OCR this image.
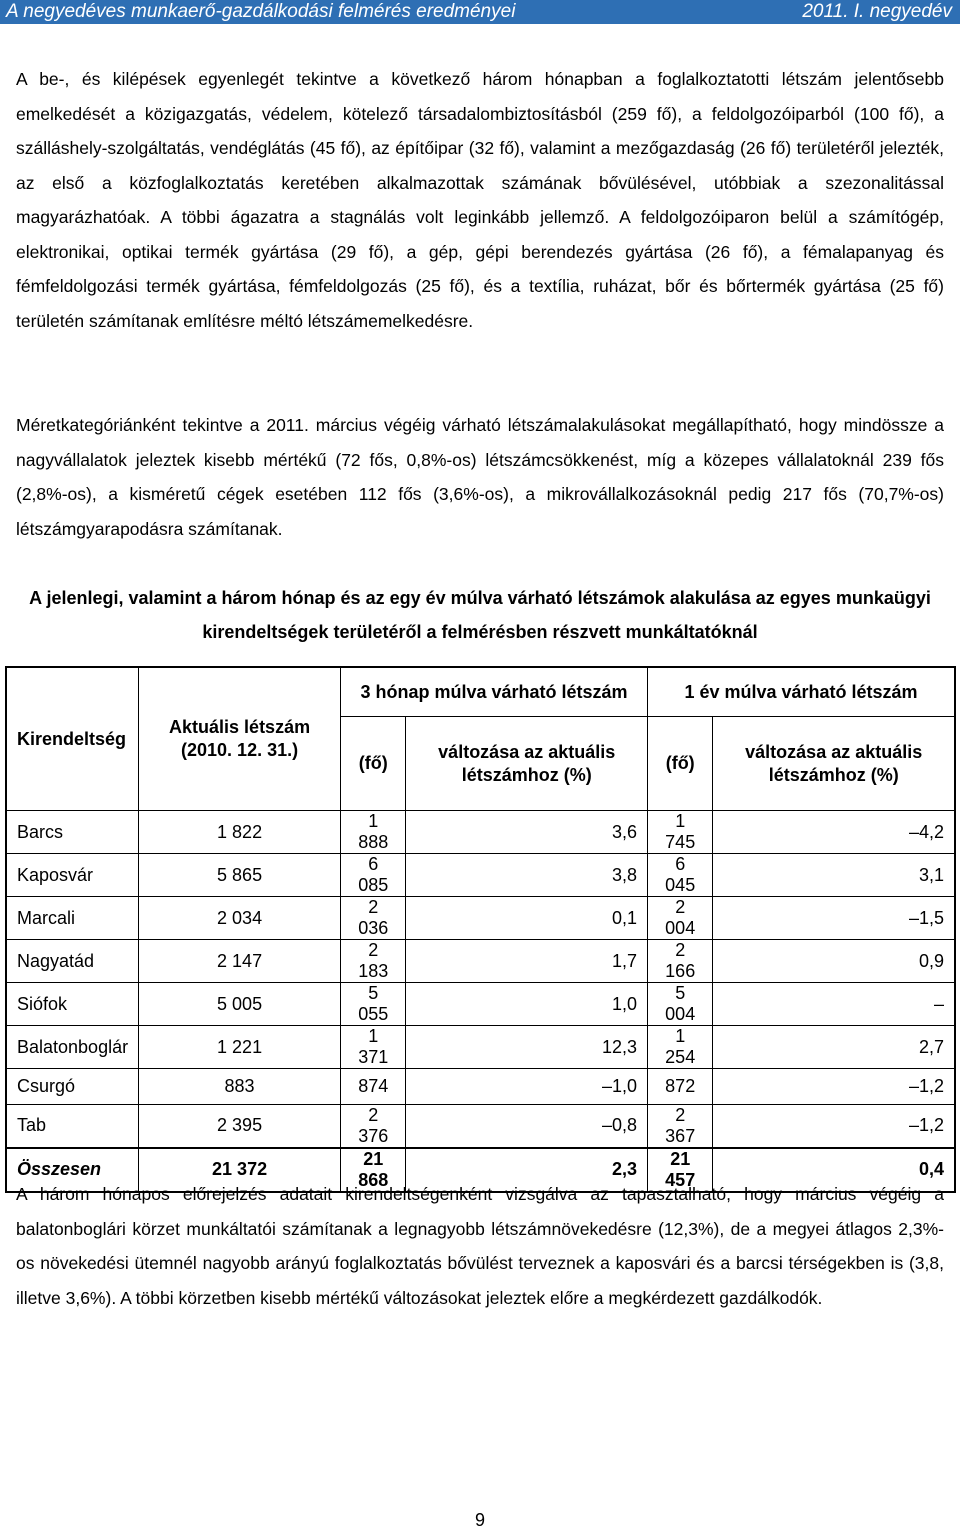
A negyedéves munkaerő-gazdálkodási felmérés eredményei	2011. I. negyedév

A be-, és kilépések egyenlegét tekintve a következő három hónapban a foglalkoztatotti létszám jelentősebb emelkedését a közigazgatás, védelem, kötelező társadalombiztosításból (259 fő), a feldolgozóiparból (100 fő), a szálláshely-szolgáltatás, vendéglátás (45 fő), az építőipar (32 fő), valamint a mezőgazdaság (26 fő) területéről jelezték, az első a közfoglalkoztatás keretében alkalmazottak számának bővülésével, utóbbiak a szezonalitással magyarázhatóak. A többi ágazatra a stagnálás volt leginkább jellemző. A feldolgozóiparon belül a számítógép, elektronikai, optikai termék gyártása (29 fő), a gép, gépi berendezés gyártása (26 fő), a fémalapanyag és fémfeldolgozási termék gyártása, fémfeldolgozás (25 fő), és a textília, ruházat, bőr és bőrtermék gyártása (25 fő) területén számítanak említésre méltó létszámemelkedésre.

Méretkategóriánként tekintve a 2011. március végéig várható létszámalakulásokat megállapítható, hogy mindössze a nagyvállalatok jeleztek kisebb mértékű (72 fős, 0,8%-os) létszámcsökkenést, míg a közepes vállalatoknál 239 fős (2,8%-os), a kisméretű cégek esetében 112 fős (3,6%-os), a mikrovállalkozásoknál pedig 217 fős (70,7%-os) létszámgyarapodásra számítanak.

A jelenlegi, valamint a három hónap és az egy év múlva várható létszámok alakulása az egyes munkaügyi kirendeltségek területéről a felmérésben részvett munkáltatóknál
Kirendeltség	Aktuális létszám (2010. 12. 31.)	3 hónap múlva várható létszám		1 év múlva várható létszám	
		(fő)	változása az aktuális létszámhoz (%)	(fő)	változása az aktuális létszámhoz (%)
Barcs	1 822	1 888	3,6	1 745	–4,2
Kaposvár	5 865	6 085	3,8	6 045	3,1
Marcali	2 034	2 036	0,1	2 004	–1,5
Nagyatád	2 147	2 183	1,7	2 166	0,9
Siófok	5 005	5 055	1,0	5 004	–
Balatonboglár	1 221	1 371	12,3	1 254	2,7
Csurgó	883	874	–1,0	872	–1,2
Tab	2 395	2 376	–0,8	2 367	–1,2
Összesen	21 372	21 868	2,3	21 457	0,4

A három hónapos előrejelzés adatait kirendeltségenként vizsgálva az tapasztalható, hogy március végéig a balatonboglári körzet munkáltatói számítanak a legnagyobb létszámnövekedésre (12,3%), de a megyei átlagos 2,3%-os növekedési ütemnél nagyobb arányú foglalkoztatás bővülést terveznek a kaposvári és a barcsi térségekben is (3,8, illetve 3,6%). A többi körzetben kisebb mértékű változásokat jeleztek előre a megkérdezett gazdálkodók.

9
